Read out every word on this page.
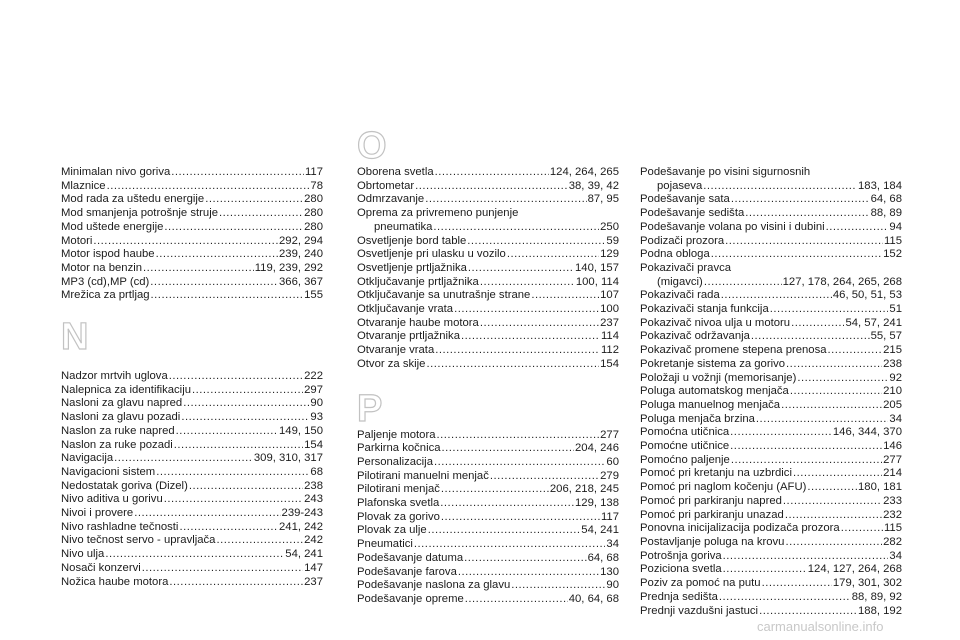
Minimalan nivo goriva .....	117
Mlaznice .....	78
Mod rada za uštedu energije .....	280
Mod smanjenja potrošnje struje .....	280
Mod uštede energije .....	280
Motori .....	292, 294
Motor ispod haube .....	239, 240
Motor na benzin .....	119, 239, 292
MP3 (cd),MP (cd) .....	366, 367
Mrežica za prtljag .....	155
N
Nadzor mrtvih uglova .....	222
Nalepnica za identifikaciju .....	297
Nasloni za glavu napred .....	90
Nasloni za glavu pozadi .....	93
Naslon za ruke napred .....	149, 150
Naslon za ruke pozadi .....	154
Navigacija .....	309, 310, 317
Navigacioni sistem .....	68
Nedostatak goriva (Dizel) .....	238
Nivo aditiva u gorivu .....	243
Nivoi i provere .....	239-243
Nivo rashladne tečnosti .....	241, 242
Nivo tečnost servo - upravljača .....	242
Nivo ulja .....	54, 241
Nosači konzervi .....	147
Nožica haube motora .....	237
O
Oborena svetla .....	124, 264, 265
Obrtometar .....	38, 39, 42
Odmrzavanje .....	87, 95
Oprema za privremeno punjenje
pneumatika .....	250
Osvetljenje bord table .....	59
Osvetljenje pri ulasku u vozilo .....	129
Osvetljenje prtljažnika .....	140, 157
Otključavanje prtljažnika .....	100, 114
Otključavanje sa unutrašnje strane .....	107
Otključavanje vrata .....	100
Otvaranje haube motora .....	237
Otvaranje prtljažnika .....	114
Otvaranje vrata .....	112
Otvor za skije .....	154
P
Paljenje motora .....	277
Parkirna kočnica .....	204, 246
Personalizacija .....	60
Pilotirani manuelni menjač .....	279
Pilotirani menjač .....	206, 218, 245
Plafonska svetla .....	129, 138
Plovak za gorivo .....	117
Plovak za ulje .....	54, 241
Pneumatici .....	34
Podešavanje datuma .....	64, 68
Podešavanje farova .....	130
Podešavanje naslona za glavu .....	90
Podešavanje opreme .....	40, 64, 68
Podešavanje po visini sigurnosnih
pojaseva .....	183, 184
Podešavanje sata .....	64, 68
Podešavanje sedišta .....	88, 89
Podešavanje volana po visini i dubini .....	94
Podizači prozora .....	115
Podna obloga .....	152
Pokazivači pravca
(migavci) .....	127, 178, 264, 265, 268
Pokazivači rada .....	46, 50, 51, 53
Pokazivači stanja funkcija .....	51
Pokazivač nivoa ulja u motoru .....	54, 57, 241
Pokazivač održavanja .....	55, 57
Pokazivač promene stepena prenosa .....	215
Pokretanje sistema za gorivo .....	238
Položaji u vožnji (memorisanje) .....	92
Poluga automatskog menjača .....	210
Poluga manuelnog menjača .....	205
Poluga menjača brzina .....	34
Pomoćna utičnica .....	146, 344, 370
Pomoćne utičnice .....	146
Pomoćno paljenje .....	277
Pomoć pri kretanju na uzbrdici .....	214
Pomoć pri naglom kočenju (AFU) .....	180, 181
Pomoć pri parkiranju napred .....	233
Pomoć pri parkiranju unazad .....	232
Ponovna inicijalizacija podizača prozora .....	115
Postavljanje poluga na krovu .....	282
Potrošnja goriva .....	34
Poziciona svetla .....	124, 127, 264, 268
Poziv za pomoć na putu .....	179, 301, 302
Prednja sedišta .....	88, 89, 92
Prednji vazdušni jastuci .....	188, 192
carmanualsonline.info
